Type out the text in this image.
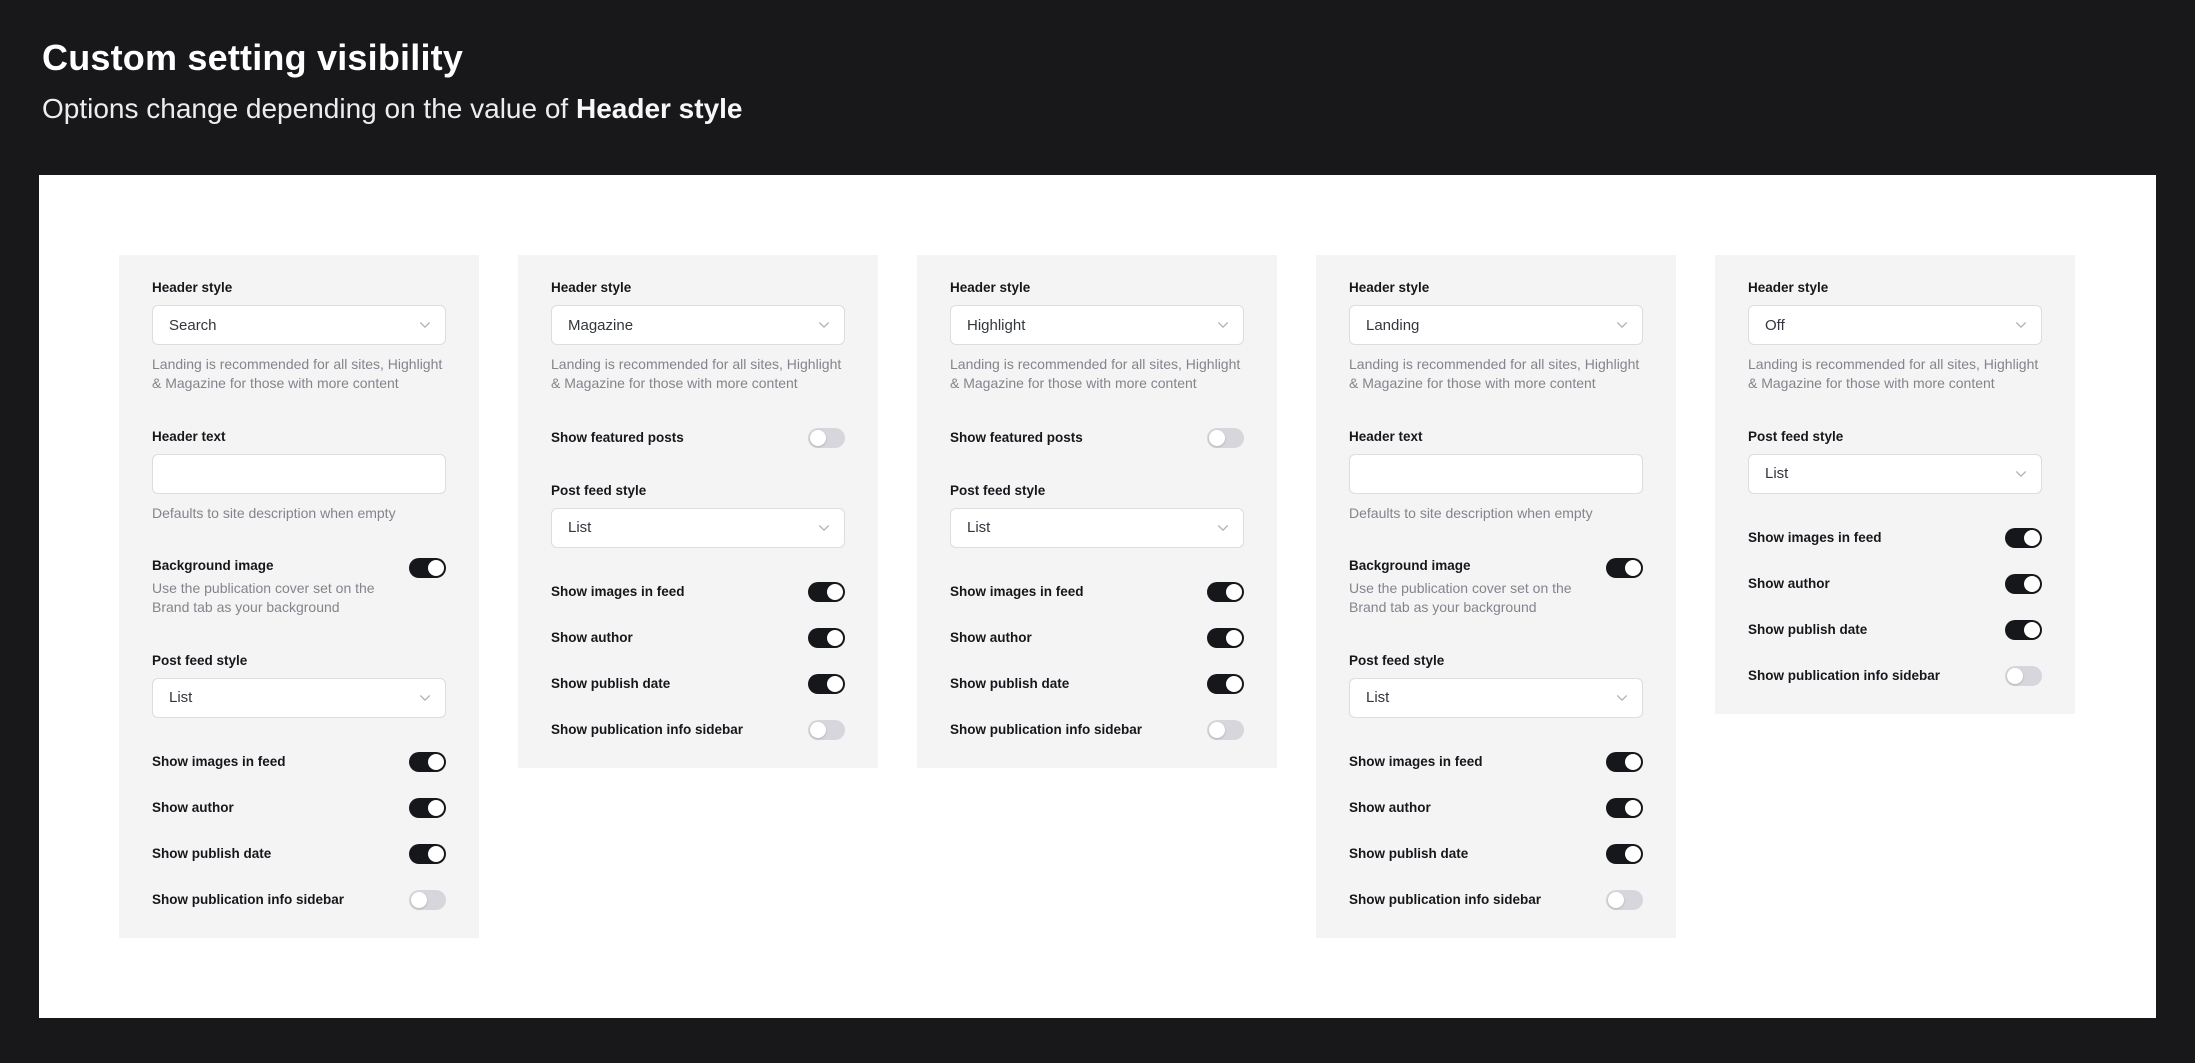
Custom setting visibility
Options change depending on the value of Header style
Header style
Search
Landing is recommended for all sites, Highlight & Magazine for those with more content
Header text
Defaults to site description when empty
Background image
Use the publication cover set on the Brand tab as your background
Post feed style
List
Show images in feed
Show author
Show publish date
Show publication info sidebar
Header style
Magazine
Landing is recommended for all sites, Highlight & Magazine for those with more content
Show featured posts
Post feed style
List
Show images in feed
Show author
Show publish date
Show publication info sidebar
Header style
Highlight
Landing is recommended for all sites, Highlight & Magazine for those with more content
Show featured posts
Post feed style
List
Show images in feed
Show author
Show publish date
Show publication info sidebar
Header style
Landing
Landing is recommended for all sites, Highlight & Magazine for those with more content
Header text
Defaults to site description when empty
Background image
Use the publication cover set on the Brand tab as your background
Post feed style
List
Show images in feed
Show author
Show publish date
Show publication info sidebar
Header style
Off
Landing is recommended for all sites, Highlight & Magazine for those with more content
Post feed style
List
Show images in feed
Show author
Show publish date
Show publication info sidebar
